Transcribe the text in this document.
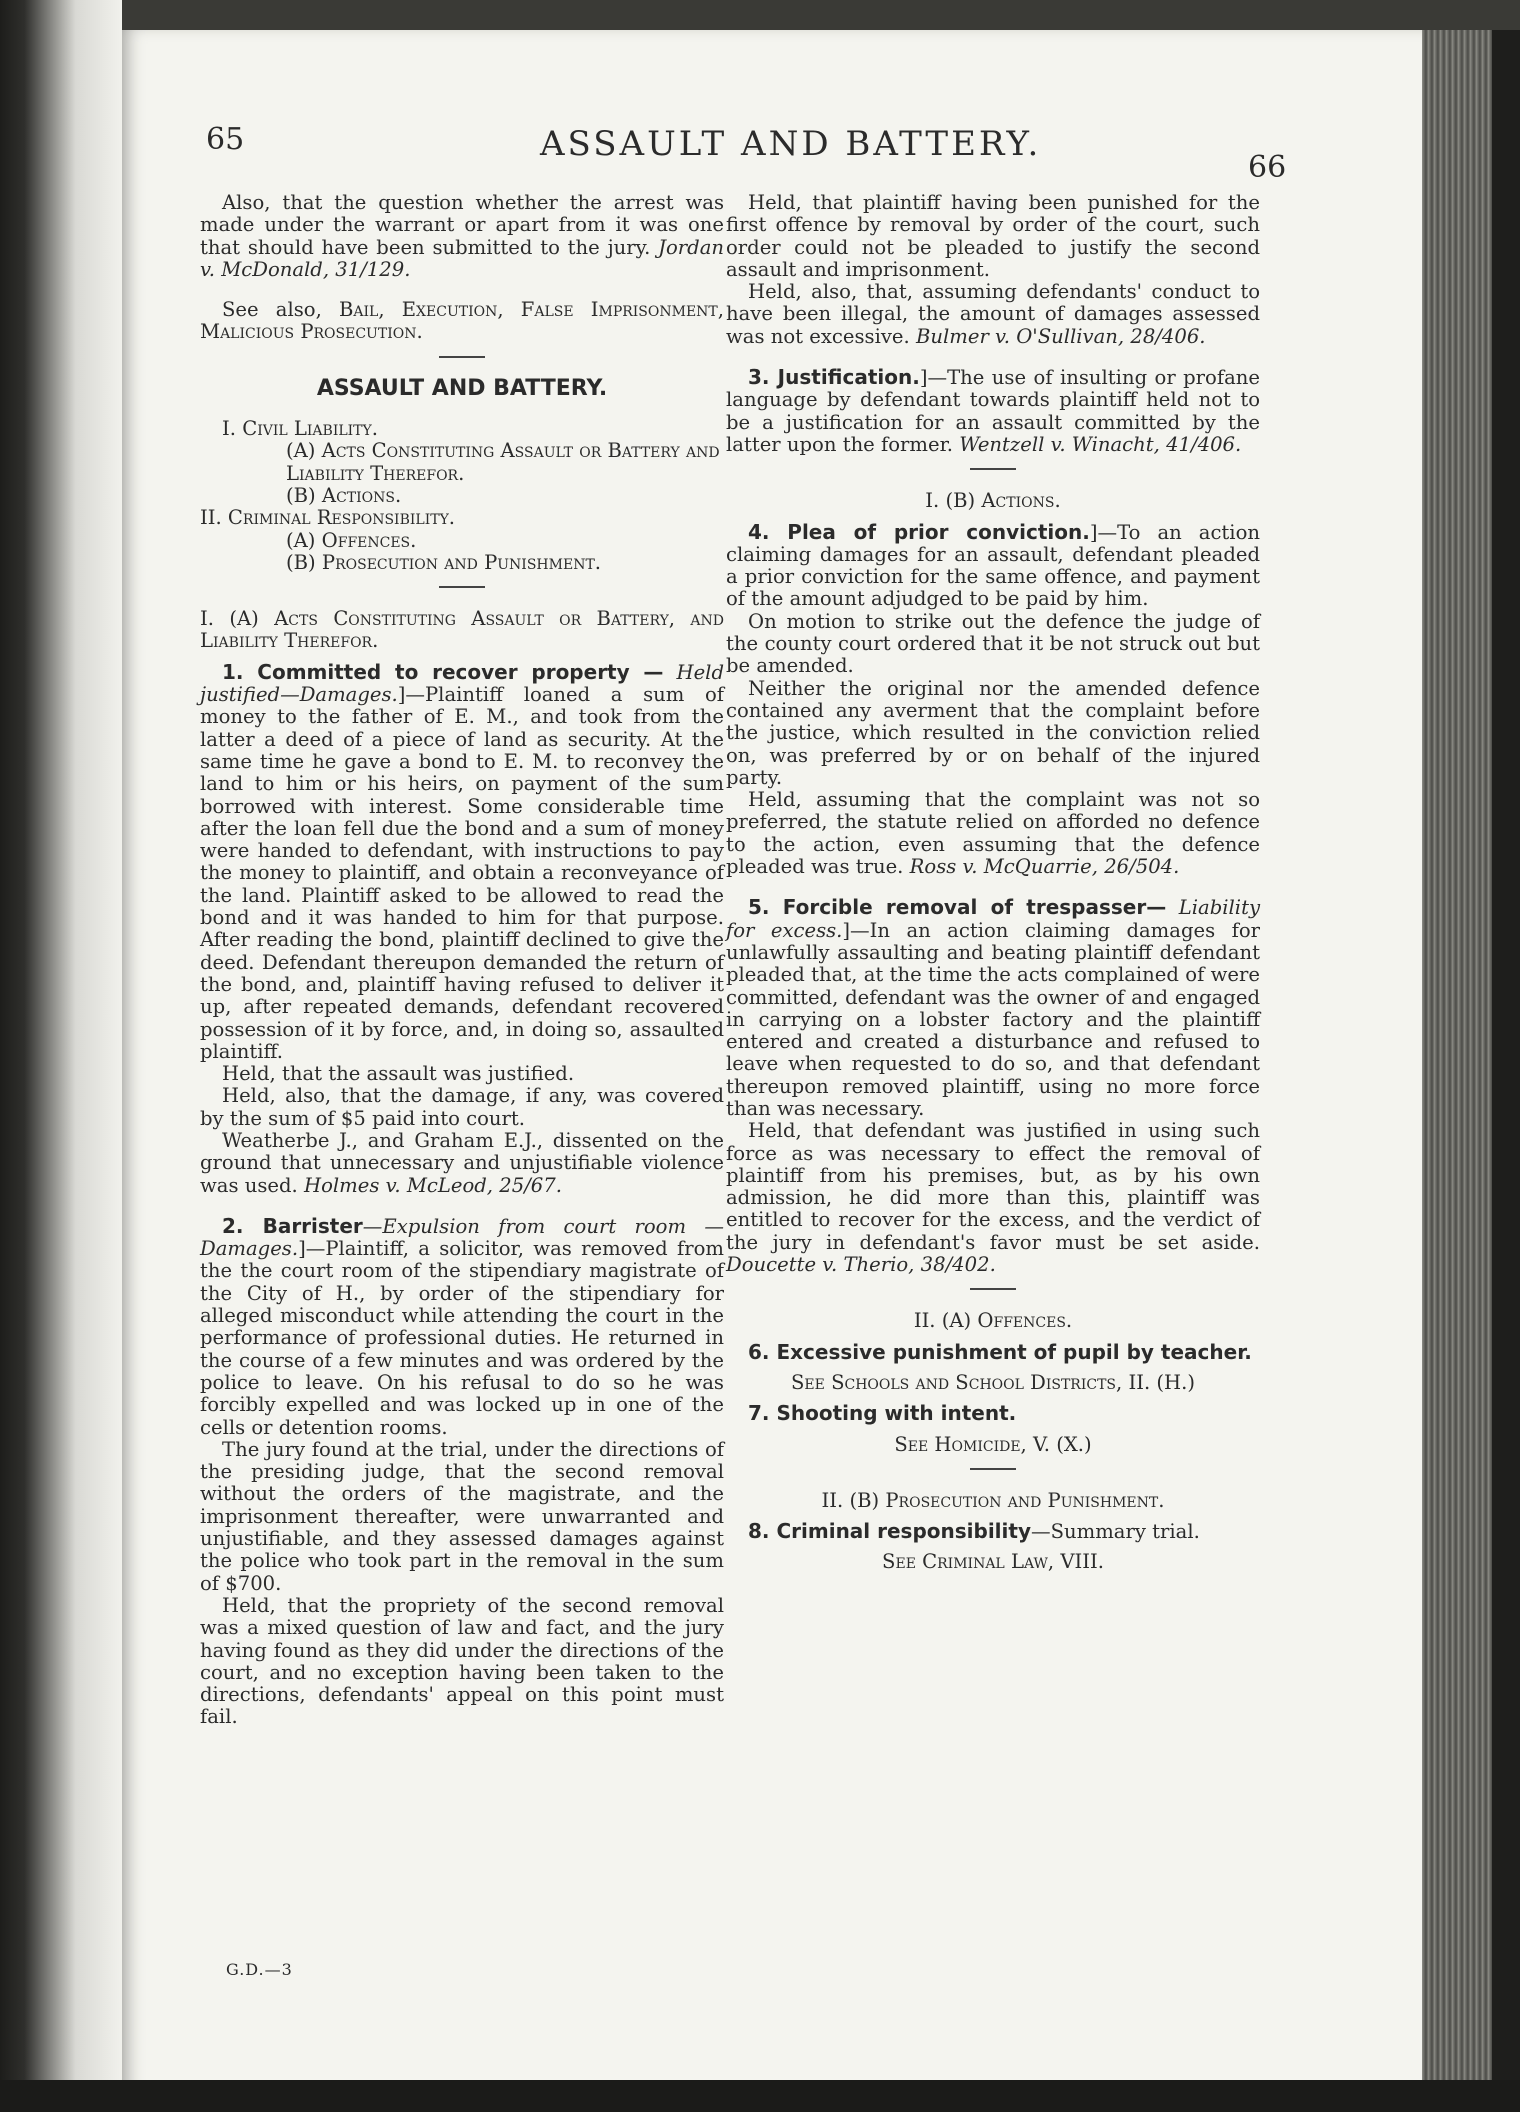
65	ASSAULT AND BATTERY.
66

Also, that the question whether the arrest was made under the warrant or apart from it was one that should have been submitted to the jury. Jordan v. McDonald, 31/129.

See also, Bail, Execution, False Imprisonment, Malicious Prosecution.

ASSAULT AND BATTERY.

I. Civil Liability.

(A) Acts Constituting Assault or Battery and Liability Therefor.

(B) Actions.

II. Criminal Responsibility.

(A) Offences.

(B) Prosecution and Punishment.

I. (A) Acts Constituting Assault or Battery, and Liability Therefor.

1. Committed to recover property — Held justified—Damages.]—Plaintiff loaned a sum of money to the father of E. M., and took from the latter a deed of a piece of land as security. At the same time he gave a bond to E. M. to reconvey the land to him or his heirs, on payment of the sum borrowed with interest. Some considerable time after the loan fell due the bond and a sum of money were handed to defendant, with instructions to pay the money to plaintiff, and obtain a reconveyance of the land. Plaintiff asked to be allowed to read the bond and it was handed to him for that purpose. After reading the bond, plaintiff declined to give the deed. Defendant thereupon demanded the return of the bond, and, plaintiff having refused to deliver it up, after repeated demands, defendant recovered possession of it by force, and, in doing so, assaulted plaintiff.

Held, that the assault was justified.

Held, also, that the damage, if any, was covered by the sum of $5 paid into court.

Weatherbe J., and Graham E.J., dissented on the ground that unnecessary and unjustifiable violence was used. Holmes v. McLeod, 25/67.

2. Barrister—Expulsion from court room —Damages.]—Plaintiff, a solicitor, was removed from the the court room of the stipendiary magistrate of the City of H., by order of the stipendiary for alleged misconduct while attending the court in the performance of professional duties. He returned in the course of a few minutes and was ordered by the police to leave. On his refusal to do so he was forcibly expelled and was locked up in one of the cells or detention rooms.

The jury found at the trial, under the directions of the presiding judge, that the second removal without the orders of the magistrate, and the imprisonment thereafter, were unwarranted and unjustifiable, and they assessed damages against the police who took part in the removal in the sum of $700.

Held, that the propriety of the second removal was a mixed question of law and fact, and the jury having found as they did under the directions of the court, and no exception having been taken to the directions, defendants' appeal on this point must fail.

G.D.—3

Held, that plaintiff having been punished for the first offence by removal by order of the court, such order could not be pleaded to justify the second assault and imprisonment.

Held, also, that, assuming defendants' conduct to have been illegal, the amount of damages assessed was not excessive. Bulmer v. O'Sullivan, 28/406.

3. Justification.]—The use of insulting or profane language by defendant towards plaintiff held not to be a justification for an assault committed by the latter upon the former. Wentzell v. Winacht, 41/406.

I. (B) Actions.

4. Plea of prior conviction.]—To an action claiming damages for an assault, defendant pleaded a prior conviction for the same offence, and payment of the amount adjudged to be paid by him.

On motion to strike out the defence the judge of the county court ordered that it be not struck out but be amended.

Neither the original nor the amended defence contained any averment that the complaint before the justice, which resulted in the conviction relied on, was preferred by or on behalf of the injured party.

Held, assuming that the complaint was not so preferred, the statute relied on afforded no defence to the action, even assuming that the defence pleaded was true. Ross v. McQuarrie, 26/504.

5. Forcible removal of trespasser— Liability for excess.]—In an action claiming damages for unlawfully assaulting and beating plaintiff defendant pleaded that, at the time the acts complained of were committed, defendant was the owner of and engaged in carrying on a lobster factory and the plaintiff entered and created a disturbance and refused to leave when requested to do so, and that defendant thereupon removed plaintiff, using no more force than was necessary.

Held, that defendant was justified in using such force as was necessary to effect the removal of plaintiff from his premises, but, as by his own admission, he did more than this, plaintiff was entitled to recover for the excess, and the verdict of the jury in defendant's favor must be set aside. Doucette v. Therio, 38/402.

II. (A) Offences.

6. Excessive punishment of pupil by teacher.

See Schools and School Districts, II. (H.)

7. Shooting with intent.

See Homicide, V. (X.)

II. (B) Prosecution and Punishment.

8. Criminal responsibility—Summary trial.

See Criminal Law, VIII.
